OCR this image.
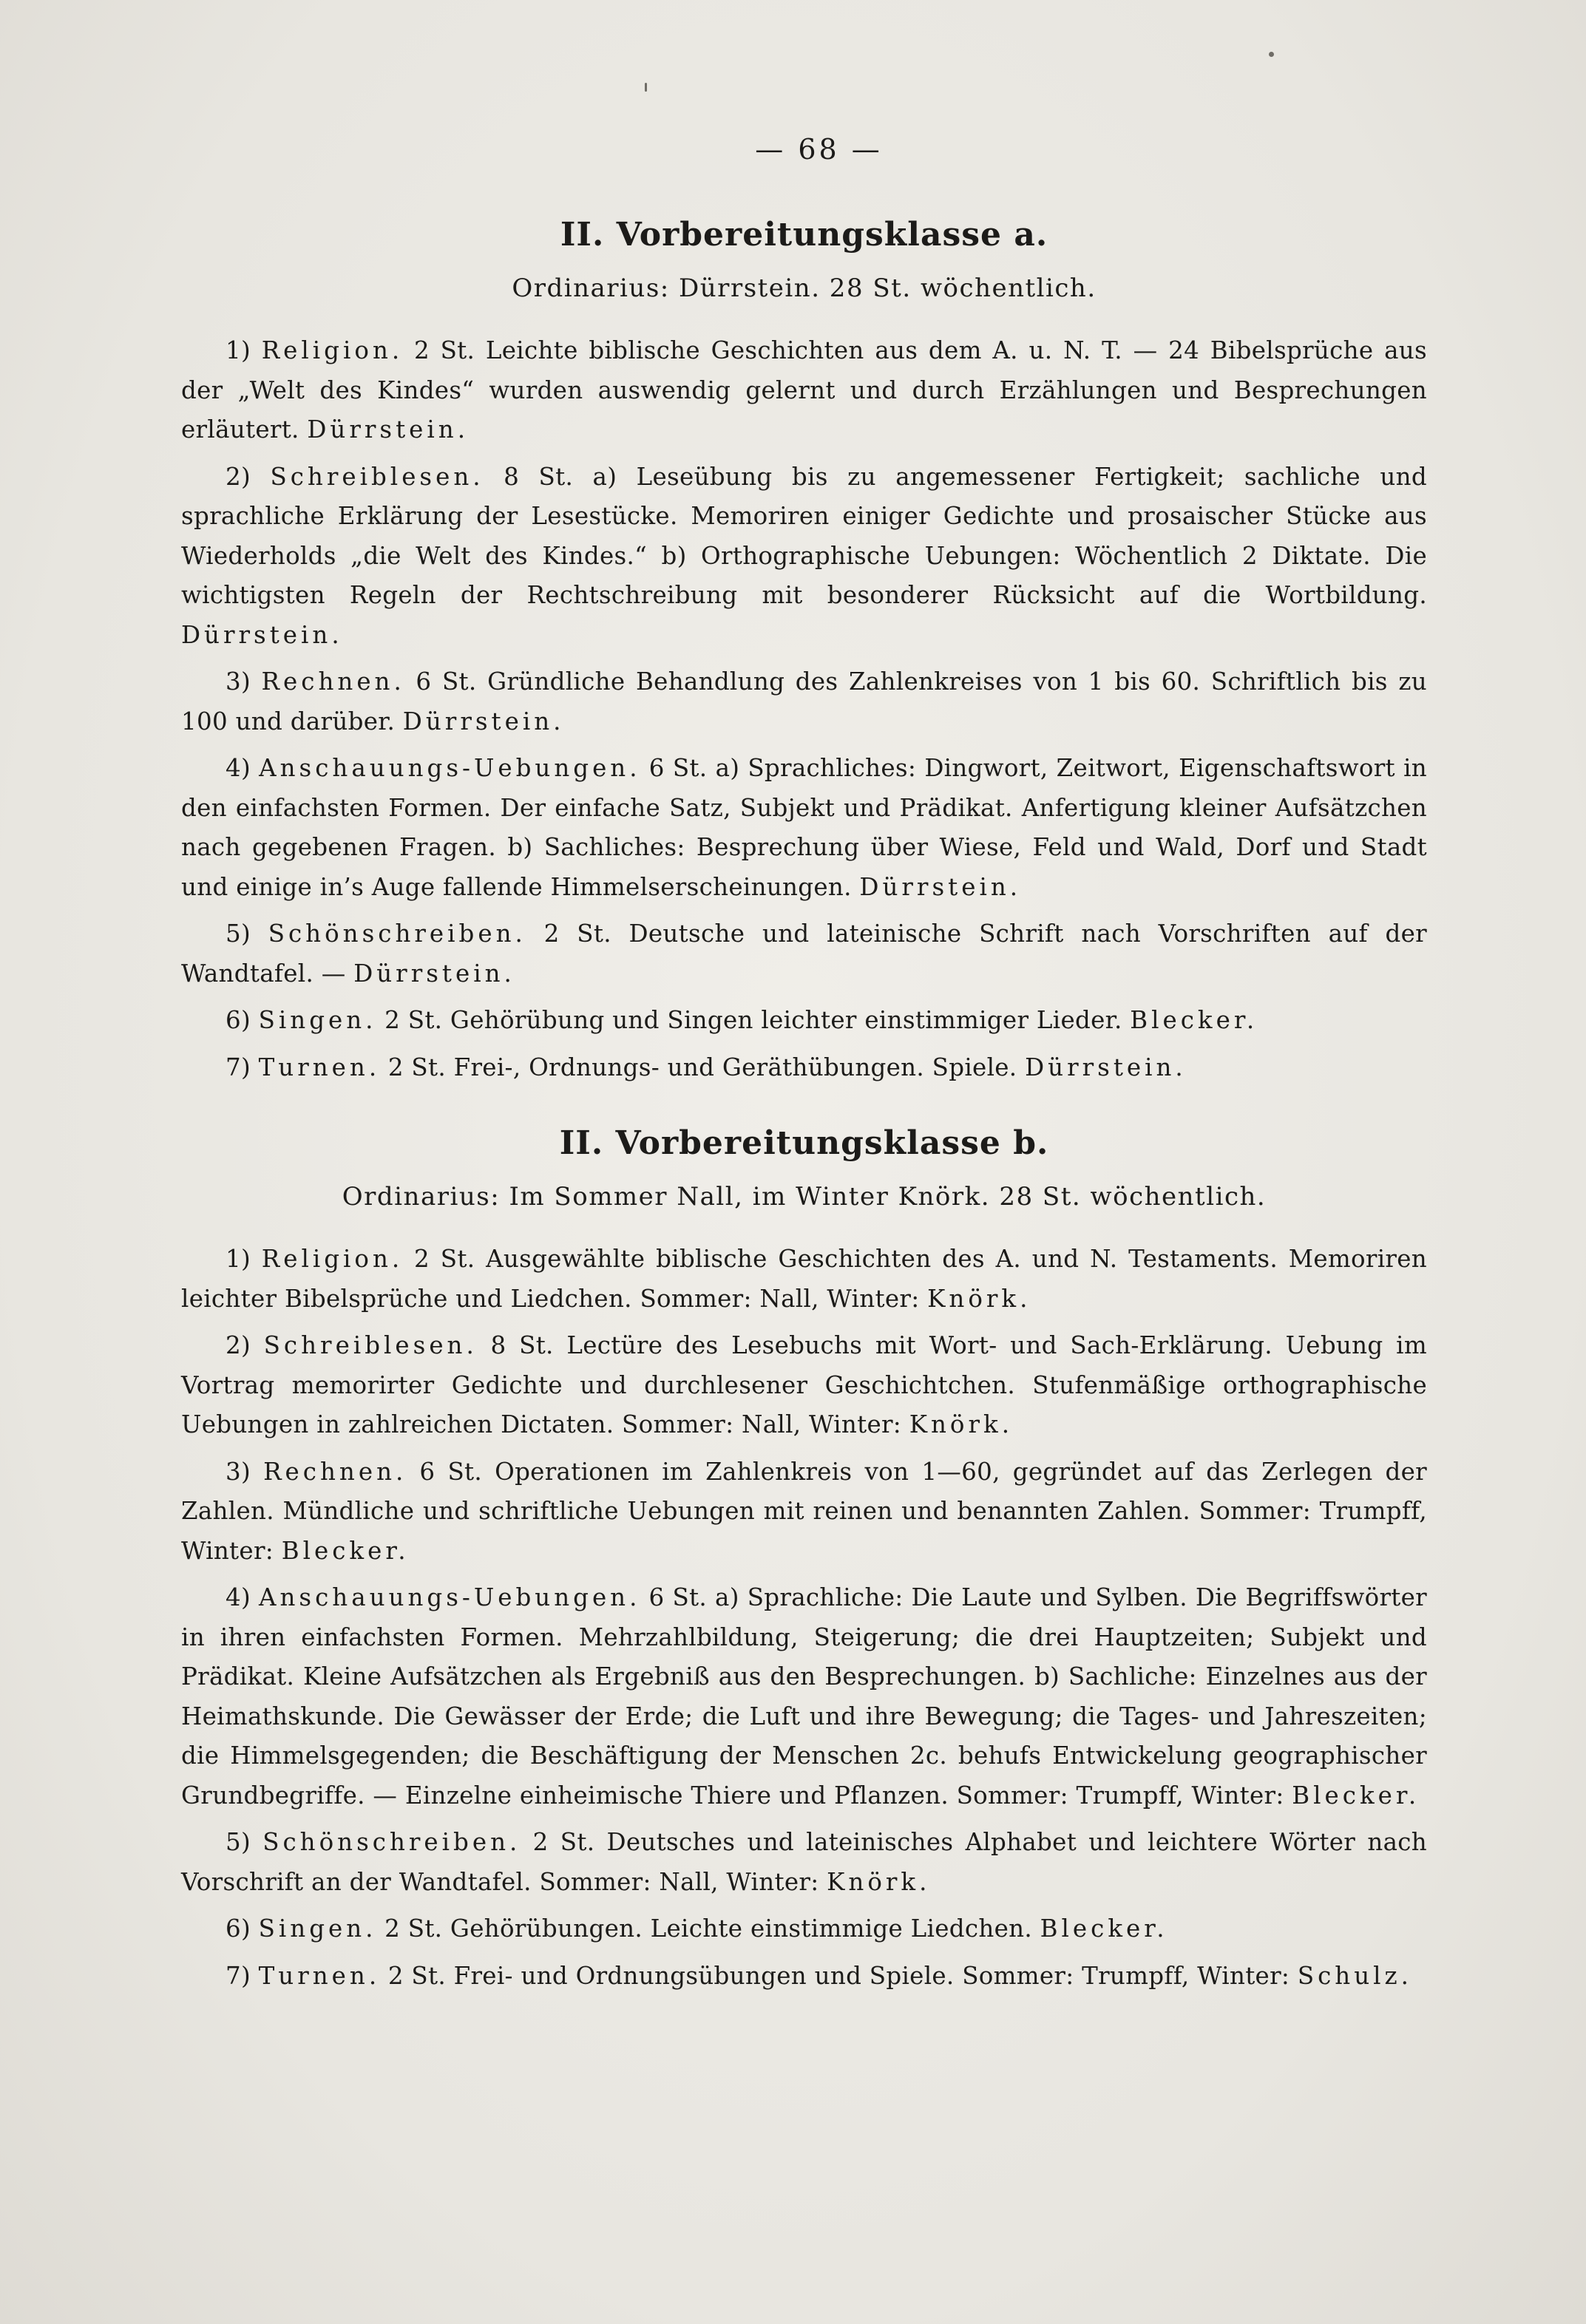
— 68 —
II. Vorbereitungsklasse a.
Ordinarius: Dürrstein. 28 St. wöchentlich.
1) Religion. 2 St. Leichte biblische Geschichten aus dem A. u. N. T. — 24 Bibelsprüche aus der „Welt des Kindes“ wurden auswendig gelernt und durch Erzählungen und Besprechungen erläutert. Dürrstein.
2) Schreiblesen. 8 St. a) Leseübung bis zu angemessener Fertigkeit; sachliche und sprachliche Erklärung der Lesestücke. Memoriren einiger Gedichte und prosaischer Stücke aus Wiederholds „die Welt des Kindes.“ b) Orthographische Uebungen: Wöchentlich 2 Diktate. Die wichtigsten Regeln der Rechtschreibung mit besonderer Rücksicht auf die Wortbildung. Dürrstein.
3) Rechnen. 6 St. Gründliche Behandlung des Zahlenkreises von 1 bis 60. Schriftlich bis zu 100 und darüber. Dürrstein.
4) Anschauungs-Uebungen. 6 St. a) Sprachliches: Dingwort, Zeitwort, Eigenschaftswort in den einfachsten Formen. Der einfache Satz, Subjekt und Prädikat. Anfertigung kleiner Aufsätzchen nach gegebenen Fragen. b) Sachliches: Besprechung über Wiese, Feld und Wald, Dorf und Stadt und einige in’s Auge fallende Himmelserscheinungen. Dürrstein.
5) Schönschreiben. 2 St. Deutsche und lateinische Schrift nach Vorschriften auf der Wandtafel. — Dürrstein.
6) Singen. 2 St. Gehörübung und Singen leichter einstimmiger Lieder. Blecker.
7) Turnen. 2 St. Frei-, Ordnungs- und Geräthübungen. Spiele. Dürrstein.
II. Vorbereitungsklasse b.
Ordinarius: Im Sommer Nall, im Winter Knörk. 28 St. wöchentlich.
1) Religion. 2 St. Ausgewählte biblische Geschichten des A. und N. Testaments. Memoriren leichter Bibelsprüche und Liedchen. Sommer: Nall, Winter: Knörk.
2) Schreiblesen. 8 St. Lectüre des Lesebuchs mit Wort- und Sach-Erklärung. Uebung im Vortrag memorirter Gedichte und durchlesener Geschichtchen. Stufenmäßige orthographische Uebungen in zahlreichen Dictaten. Sommer: Nall, Winter: Knörk.
3) Rechnen. 6 St. Operationen im Zahlenkreis von 1—60, gegründet auf das Zerlegen der Zahlen. Mündliche und schriftliche Uebungen mit reinen und benannten Zahlen. Sommer: Trumpff, Winter: Blecker.
4) Anschauungs-Uebungen. 6 St. a) Sprachliche: Die Laute und Sylben. Die Begriffswörter in ihren einfachsten Formen. Mehrzahlbildung, Steigerung; die drei Hauptzeiten; Subjekt und Prädikat. Kleine Aufsätzchen als Ergebniß aus den Besprechungen. b) Sachliche: Einzelnes aus der Heimathskunde. Die Gewässer der Erde; die Luft und ihre Bewegung; die Tages- und Jahreszeiten; die Himmelsgegenden; die Beschäftigung der Menschen 2c. behufs Entwickelung geographischer Grundbegriffe. — Einzelne einheimische Thiere und Pflanzen. Sommer: Trumpff, Winter: Blecker.
5) Schönschreiben. 2 St. Deutsches und lateinisches Alphabet und leichtere Wörter nach Vorschrift an der Wandtafel. Sommer: Nall, Winter: Knörk.
6) Singen. 2 St. Gehörübungen. Leichte einstimmige Liedchen. Blecker.
7) Turnen. 2 St. Frei- und Ordnungsübungen und Spiele. Sommer: Trumpff, Winter: Schulz.
